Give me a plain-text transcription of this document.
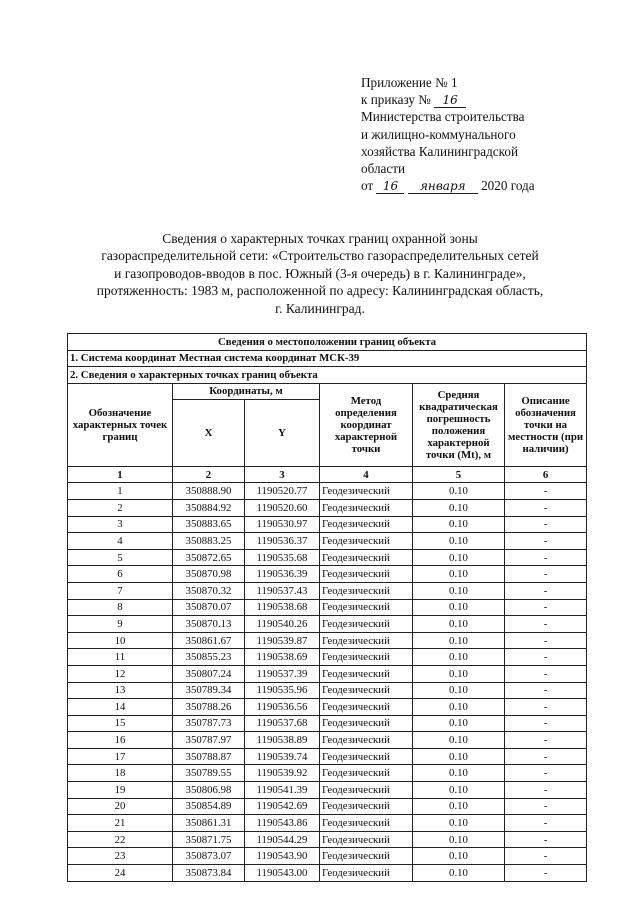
Приложение № 1
к приказу № 16
Министерства строительства
и жилищно-коммунального
хозяйства Калининградской
области
от 16 января 2020 года
Сведения о характерных точках границ охранной зоны
газораспределительной сети: «Строительство газораспределительных сетей
и газопроводов-вводов в пос. Южный (3-я очередь) в г. Калининграде»,
протяженность: 1983 м, расположенной по адресу: Калининградская область,
г. Калининград.
Сведения о местоположении границ объекта					
1. Система координат Местная система координат МСК-39					
2. Сведения о характерных точках границ объекта					
Обозначение характерных точек границ	Координаты, м		Метод определения координат характерной точки	Средняя квадратическая погрешность положения характерной точки (Mt), м	Описание обозначения точки на местности (при наличии)
	X	Y			
1	2	3	4	5	6
1	350888.90	1190520.77	Геодезический	0.10	-
2	350884.92	1190520.60	Геодезический	0.10	-
3	350883.65	1190530.97	Геодезический	0.10	-
4	350883.25	1190536.37	Геодезический	0.10	-
5	350872.65	1190535.68	Геодезический	0.10	-
6	350870.98	1190536.39	Геодезический	0.10	-
7	350870.32	1190537.43	Геодезический	0.10	-
8	350870.07	1190538.68	Геодезический	0.10	-
9	350870.13	1190540.26	Геодезический	0.10	-
10	350861.67	1190539.87	Геодезический	0.10	-
11	350855.23	1190538.69	Геодезический	0.10	-
12	350807.24	1190537.39	Геодезический	0.10	-
13	350789.34	1190535.96	Геодезический	0.10	-
14	350788.26	1190536.56	Геодезический	0.10	-
15	350787.73	1190537.68	Геодезический	0.10	-
16	350787.97	1190538.89	Геодезический	0.10	-
17	350788.87	1190539.74	Геодезический	0.10	-
18	350789.55	1190539.92	Геодезический	0.10	-
19	350806.98	1190541.39	Геодезический	0.10	-
20	350854.89	1190542.69	Геодезический	0.10	-
21	350861.31	1190543.86	Геодезический	0.10	-
22	350871.75	1190544.29	Геодезический	0.10	-
23	350873.07	1190543.90	Геодезический	0.10	-
24	350873.84	1190543.00	Геодезический	0.10	-
